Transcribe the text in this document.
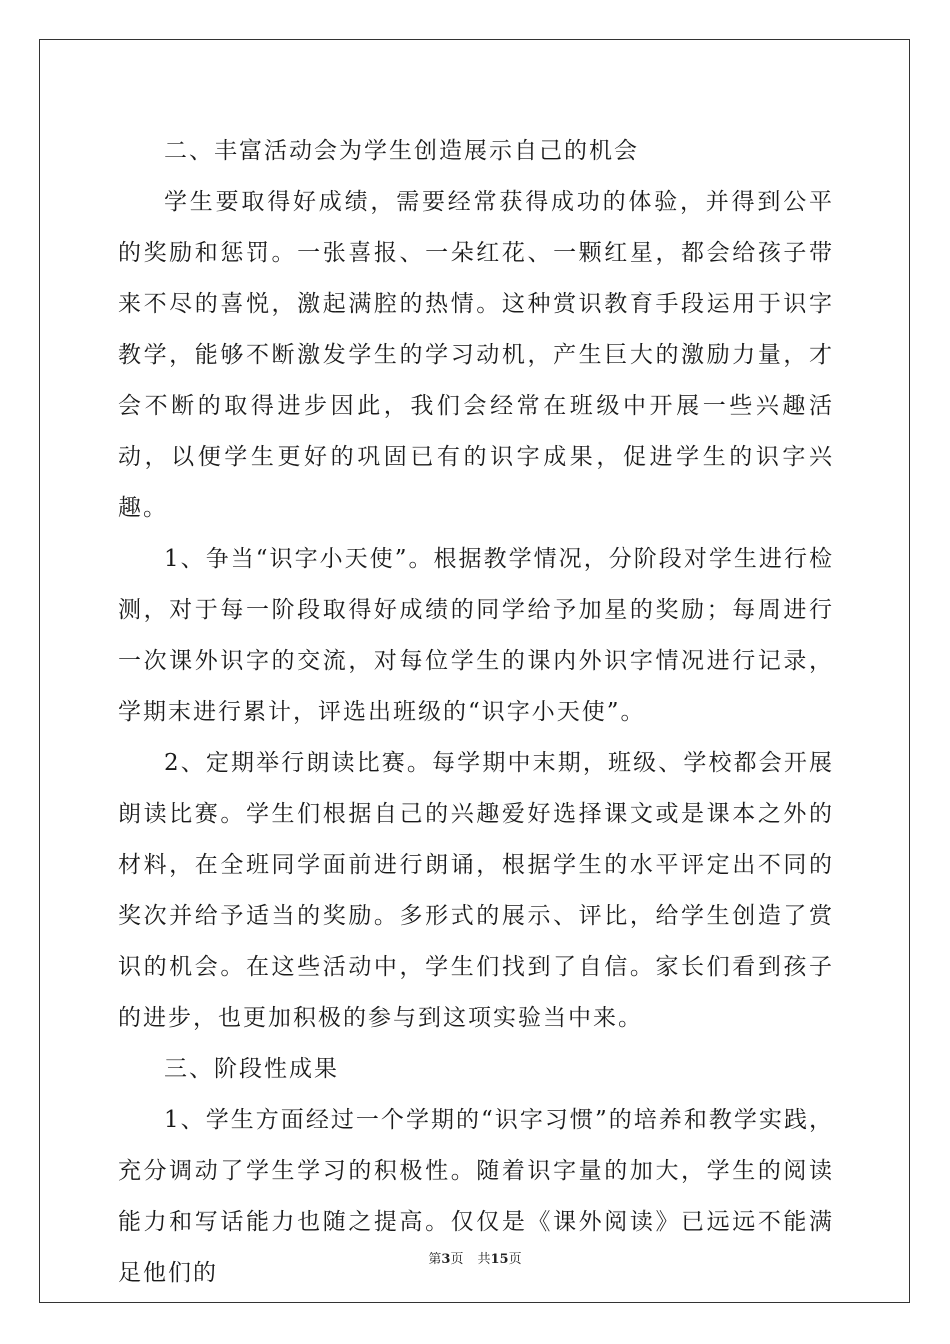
二、丰富活动会为学生创造展示自己的机会

学生要取得好成绩，需要经常获得成功的体验，并得到公平的奖励和惩罚。一张喜报、一朵红花、一颗红星，都会给孩子带来不尽的喜悦，激起满腔的热情。这种赏识教育手段运用于识字教学，能够不断激发学生的学习动机，产生巨大的激励力量，才会不断的取得进步因此，我们会经常在班级中开展一些兴趣活动，以便学生更好的巩固已有的识字成果，促进学生的识字兴趣。

1、争当“识字小天使”。根据教学情况，分阶段对学生进行检测，对于每一阶段取得好成绩的同学给予加星的奖励；每周进行一次课外识字的交流，对每位学生的课内外识字情况进行记录，学期末进行累计，评选出班级的“识字小天使”。

2、定期举行朗读比赛。每学期中末期，班级、学校都会开展朗读比赛。学生们根据自己的兴趣爱好选择课文或是课本之外的材料，在全班同学面前进行朗诵，根据学生的水平评定出不同的奖次并给予适当的奖励。多形式的展示、评比，给学生创造了赏识的机会。在这些活动中，学生们找到了自信。家长们看到孩子的进步，也更加积极的参与到这项实验当中来。

三、阶段性成果

1、学生方面经过一个学期的“识字习惯”的培养和教学实践，充分调动了学生学习的积极性。随着识字量的加大，学生的阅读能力和写话能力也随之提高。仅仅是《课外阅读》已远远不能满足他们的

第3页 共15页
